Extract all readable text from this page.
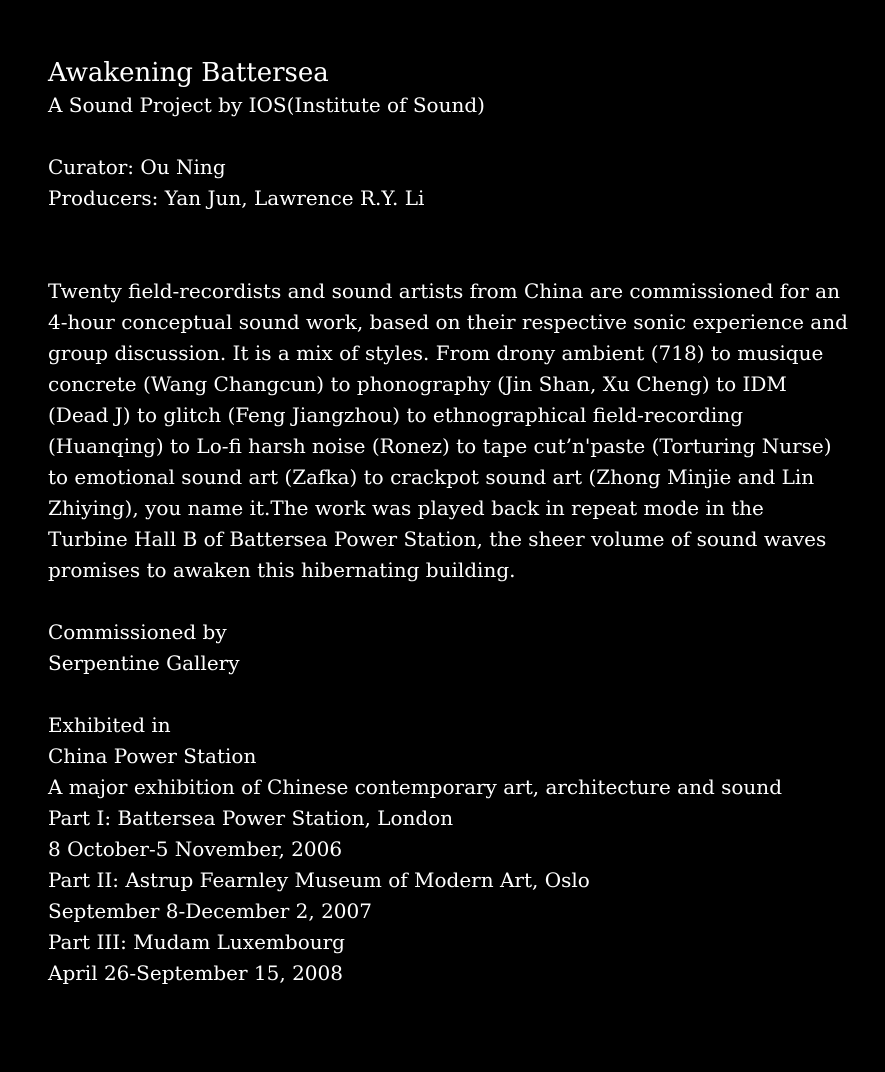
Awakening Battersea

A Sound Project by IOS(Institute of Sound)

Curator: Ou Ning

Producers: Yan Jun, Lawrence R.Y. Li

Twenty field-recordists and sound artists from China are commissioned for an 4-hour conceptual sound work, based on their respective sonic experience and group discussion. It is a mix of styles. From drony ambient (718) to musique concrete (Wang Changcun) to phonography (Jin Shan, Xu Cheng) to IDM (Dead J) to glitch (Feng Jiangzhou) to ethnographical field-recording (Huanqing) to Lo-fi harsh noise (Ronez) to tape cut’n'paste (Torturing Nurse) to emotional sound art (Zafka) to crackpot sound art (Zhong Minjie and Lin Zhiying), you name it.The work was played back in repeat mode in the Turbine Hall B of Battersea Power Station, the sheer volume of sound waves promises to awaken this hibernating building.

Commissioned by

Serpentine Gallery

Exhibited in

China Power Station

A major exhibition of Chinese contemporary art, architecture and sound

Part I: Battersea Power Station, London

8 October-5 November, 2006

Part II: Astrup Fearnley Museum of Modern Art, Oslo

September 8-December 2, 2007

Part III: Mudam Luxembourg

April 26-September 15, 2008
